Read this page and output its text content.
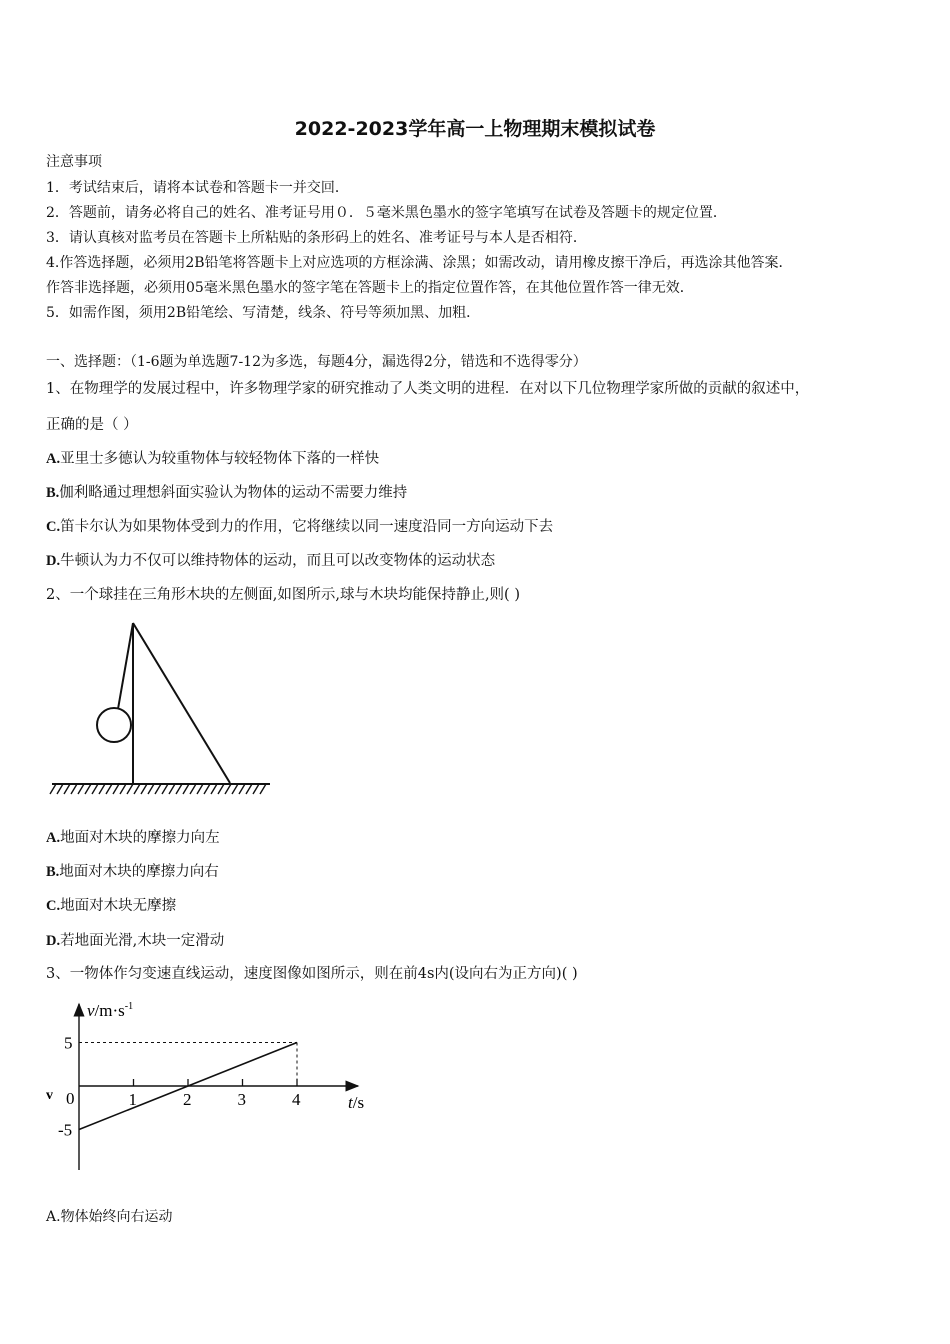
2022-2023学年高一上物理期末模拟试卷
注意事项
1．考试结束后，请将本试卷和答题卡一并交回．
2．答题前，请务必将自己的姓名、准考证号用０．５毫米黑色墨水的签字笔填写在试卷及答题卡的规定位置．
3．请认真核对监考员在答题卡上所粘贴的条形码上的姓名、准考证号与本人是否相符．
4.作答选择题，必须用2B铅笔将答题卡上对应选项的方框涂满、涂黑；如需改动，请用橡皮擦干净后，再选涂其他答案．
作答非选择题，必须用05毫米黑色墨水的签字笔在答题卡上的指定位置作答，在其他位置作答一律无效．
5．如需作图，须用2B铅笔绘、写清楚，线条、符号等须加黑、加粗．
一、选择题：（1-6题为单选题7-12为多选，每题4分，漏选得2分，错选和不选得零分）
1、在物理学的发展过程中，许多物理学家的研究推动了人类文明的进程．在对以下几位物理学家所做的贡献的叙述中，
正确的是（ ）
A.亚里士多德认为较重物体与较轻物体下落的一样快
B.伽利略通过理想斜面实验认为物体的运动不需要力维持
C.笛卡尔认为如果物体受到力的作用，它将继续以同一速度沿同一方向运动下去
D.牛顿认为力不仅可以维持物体的运动，而且可以改变物体的运动状态
2、一个球挂在三角形木块的左侧面,如图所示,球与木块均能保持静止,则( )
A.地面对木块的摩擦力向左
B.地面对木块的摩擦力向右
C.地面对木块无摩擦
D.若地面光滑,木块一定滑动
3、一物体作匀变速直线运动，速度图像如图所示，则在前4s内(设向右为正方向)( )
$v/m\cdot s^{-1}$
t/s
v 0	1	2	3	4
5
-5
A.物体始终向右运动
